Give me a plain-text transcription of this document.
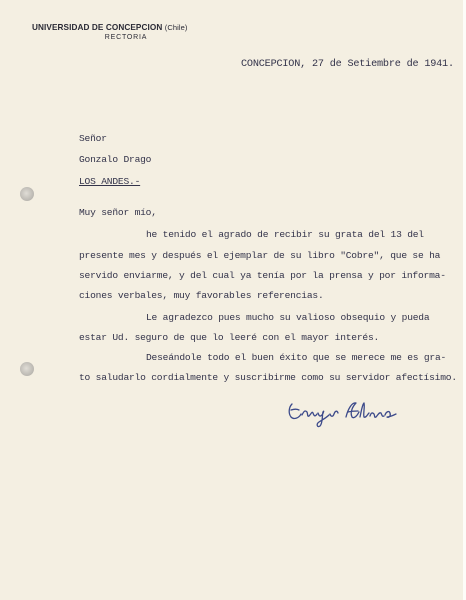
UNIVERSIDAD DE CONCEPCION (Chile)
RECTORIA
CONCEPCION, 27 de Setiembre de 1941.
Señor
Gonzalo Drago
LOS ANDES.-
Muy señor mío,
he tenido el agrado de recibir su grata del 13 del
presente mes y después el ejemplar de su libro "Cobre", que se ha
servido enviarme, y del cual ya tenía por la prensa y por informa-
ciones verbales, muy favorables referencias.
Le agradezco pues mucho su valioso obsequio y pueda
estar Ud. seguro de que lo leeré con el mayor interés.
Deseándole todo el buen éxito que se merece me es gra-
to saludarlo cordialmente y suscribirme como su servidor afectísimo.
